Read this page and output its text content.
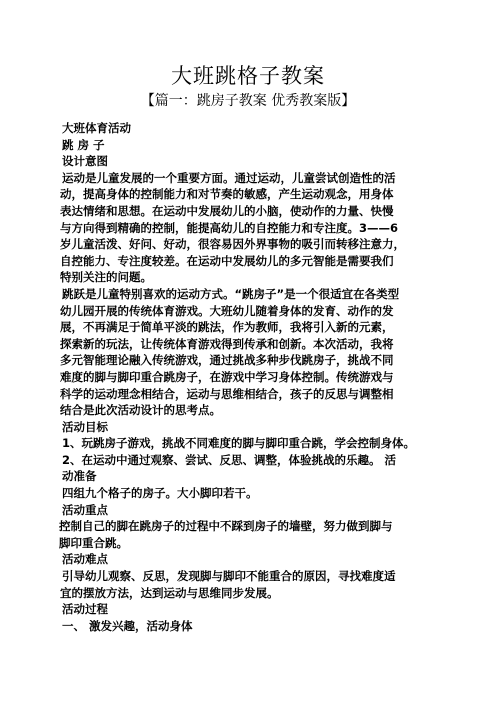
大班跳格子教案
【篇一：跳房子教案 优秀教案版】
大班体育活动
跳 房 子
设计意图
运动是儿童发展的一个重要方面。通过运动，儿童尝试创造性的活
动，提高身体的控制能力和对节奏的敏感，产生运动观念，用身体
表达情绪和思想。在运动中发展幼儿的小脑，使动作的力量、快慢
与方向得到精确的控制，能提高幼儿的自控能力和专注度。3——6
岁儿童活泼、好问、好动，很容易因外界事物的吸引而转移注意力，
自控能力、专注度较差。在运动中发展幼儿的多元智能是需要我们
特别关注的问题。
跳跃是儿童特别喜欢的运动方式。“跳房子”是一个很适宜在各类型
幼儿园开展的传统体育游戏。大班幼儿随着身体的发育、动作的发
展，不再满足于简单平淡的跳法，作为教师，我将引入新的元素，
探索新的玩法，让传统体育游戏得到传承和创新。本次活动，我将
多元智能理论融入传统游戏，通过挑战多种步伐跳房子，挑战不同
难度的脚与脚印重合跳房子，在游戏中学习身体控制。传统游戏与
科学的运动理念相结合，运动与思维相结合，孩子的反思与调整相
结合是此次活动设计的思考点。
活动目标
1、玩跳房子游戏，挑战不同难度的脚与脚印重合跳，学会控制身体。
2、在运动中通过观察、尝试、反思、调整，体验挑战的乐趣。 活
动准备
四组九个格子的房子。大小脚印若干。
活动重点
控制自己的脚在跳房子的过程中不踩到房子的墙壁，努力做到脚与
脚印重合跳。
活动难点
引导幼儿观察、反思，发现脚与脚印不能重合的原因，寻找难度适
宜的摆放方法，达到运动与思维同步发展。
活动过程
一、 激发兴趣，活动身体
